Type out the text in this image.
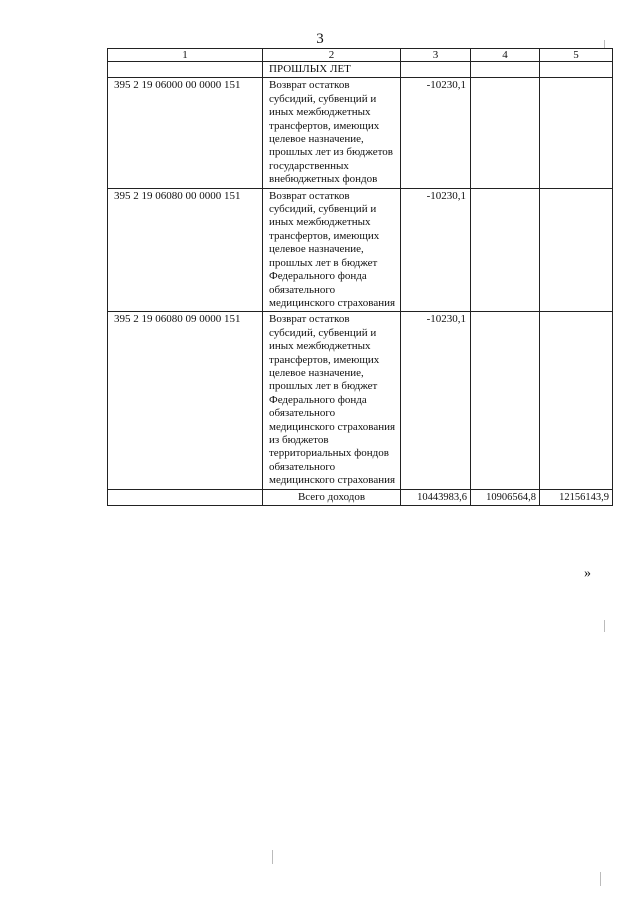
3
1	2	3	4	5
	ПРОШЛЫХ ЛЕТ			
395 2 19 06000 00 0000 151	Возврат остатков субсидий, субвенций и иных межбюджетных трансфертов, имеющих целевое назначение, прошлых лет из бюджетов государственных внебюджетных фондов	-10230,1		
395 2 19 06080 00 0000 151	Возврат остатков субсидий, субвенций и иных межбюджетных трансфертов, имеющих целевое назначение, прошлых лет в бюджет Федерального фонда обязательного медицинского страхования	-10230,1		
395 2 19 06080 09 0000 151	Возврат остатков субсидий, субвенций и иных межбюджетных трансфертов, имеющих целевое назначение, прошлых лет в бюджет Федерального фонда обязательного медицинского страхования из бюджетов территориальных фондов обязательного медицинского страхования	-10230,1		
	Всего доходов	10443983,6	10906564,8	12156143,9
»
